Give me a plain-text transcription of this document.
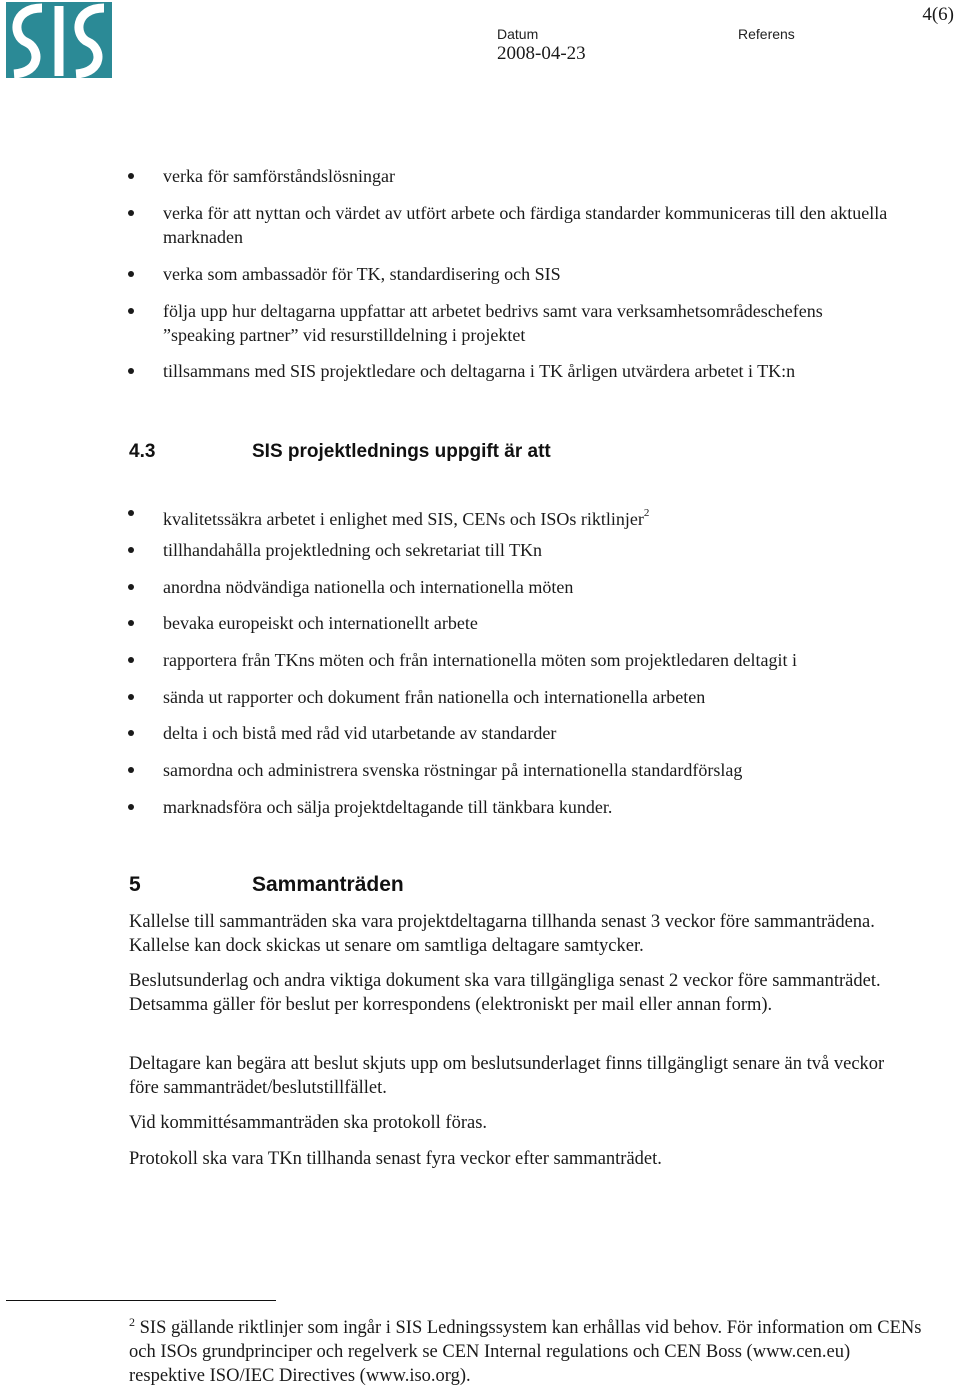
Datum
2008-04-23
Referens
4(6)
verka för samförståndslösningar
verka för att nyttan och värdet av utfört arbete och färdiga standarder kommuniceras till den aktuella marknaden
verka som ambassadör för TK, standardisering och SIS
följa upp hur deltagarna uppfattar att arbetet bedrivs samt vara verksamhetsområdeschefens ”speaking partner” vid resurstilldelning i projektet
tillsammans med SIS projektledare och deltagarna i TK årligen utvärdera arbetet i TK:n
4.3	SIS projektlednings uppgift är att
kvalitetssäkra arbetet i enlighet med SIS, CENs och ISOs riktlinjer$^2$
tillhandahålla projektledning och sekretariat till TKn
anordna nödvändiga nationella och internationella möten
bevaka europeiskt och internationellt arbete
rapportera från TKns möten och från internationella möten som projektledaren deltagit i
sända ut rapporter och dokument från nationella och internationella arbeten
delta i och bistå med råd vid utarbetande av standarder
samordna och administrera svenska röstningar på internationella standardförslag
marknadsföra och sälja projektdeltagande till tänkbara kunder.
5	Sammanträden
Kallelse till sammanträden ska vara projektdeltagarna tillhanda senast 3 veckor före sammanträdena. Kallelse kan dock skickas ut senare om samtliga deltagare samtycker.
Beslutsunderlag och andra viktiga dokument ska vara tillgängliga senast 2 veckor före sammanträdet. Detsamma gäller för beslut per korrespondens (elektroniskt per mail eller annan form).
Deltagare kan begära att beslut skjuts upp om beslutsunderlaget finns tillgängligt senare än två veckor före sammanträdet/beslutstillfället.
Vid kommittésammanträden ska protokoll föras.
Protokoll ska vara TKn tillhanda senast fyra veckor efter sammanträdet.
$^2$ SIS gällande riktlinjer som ingår i SIS Ledningssystem kan erhållas vid behov. För information om CENs och ISOs grundprinciper och regelverk se CEN Internal regulations och CEN Boss (www.cen.eu) respektive ISO/IEC Directives (www.iso.org).
